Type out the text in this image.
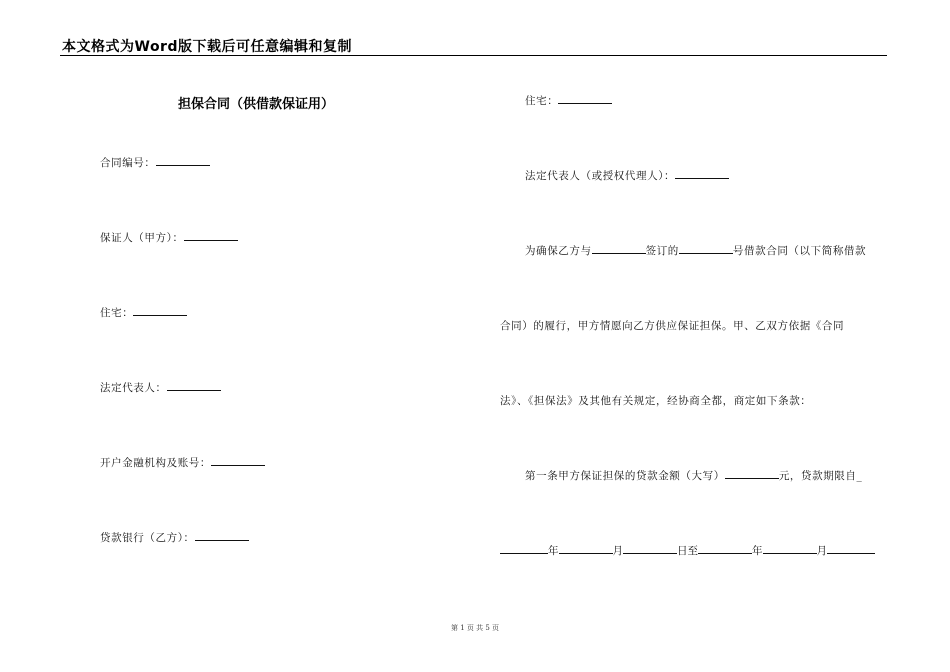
本文格式为Word版下载后可任意编辑和复制
担保合同（供借款保证用）
合同编号：
保证人（甲方）：
住宅：
法定代表人：
开户金融机构及账号：
贷款银行（乙方）：
住宅：
法定代表人（或授权代理人）：
为确保乙方与	签订的	号借款合同（以下简称借款
合同）的履行，甲方情愿向乙方供应保证担保。甲、乙双方依据《合同
法》、《担保法》及其他有关规定，经协商全都，商定如下条款：
第一条甲方保证担保的贷款金额（大写）	元，贷款期限自_
年	月	日至	年	月
第 1 页 共 5 页
